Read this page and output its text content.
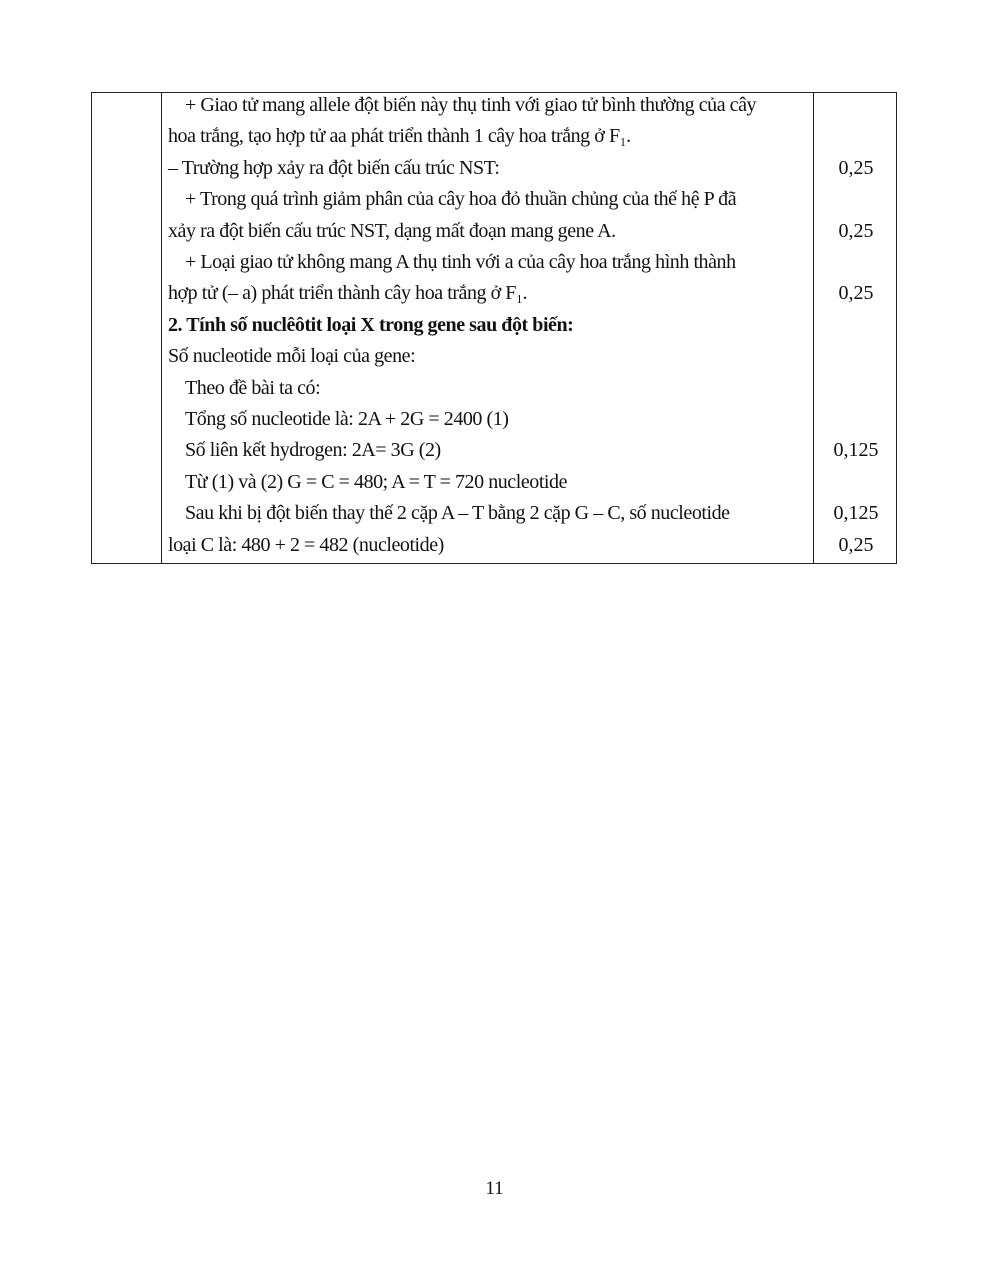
+ Giao tử mang allele đột biến này thụ tinh với giao tử bình thường của cây
hoa trắng, tạo hợp tử aa phát triển thành 1 cây hoa trắng ở F₁.
– Trường hợp xảy ra đột biến cấu trúc NST:	0,25
+ Trong quá trình giảm phân của cây hoa đỏ thuần chủng của thế hệ P đã
xảy ra đột biến cấu trúc NST, dạng mất đoạn mang gene A.	0,25
+ Loại giao tử không mang A thụ tinh với a của cây hoa trắng hình thành
hợp tử (– a) phát triển thành cây hoa trắng ở F₁.	0,25
2. Tính số nuclêôtit loại X trong gene sau đột biến:
Số nucleotide mỗi loại của gene:
Theo đề bài ta có:
Tổng số nucleotide là: 2A + 2G = 2400 (1)
Số liên kết hydrogen: 2A= 3G (2)	0,125
Từ (1) và (2) G = C = 480; A = T = 720 nucleotide
Sau khi bị đột biến thay thế 2 cặp A – T bằng 2 cặp G – C, số nucleotide	0,125
loại C là: 480 + 2 = 482 (nucleotide)	0,25
11
